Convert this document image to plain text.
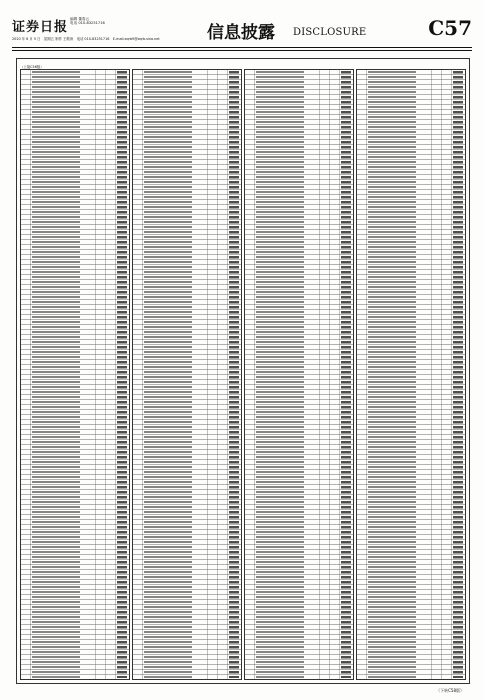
证券日报
编辑 董春云
电话 010-83251716
2020 年 6 月 5 日　星期五 制作 王敬涛　电话 010-83251716　E-mail:zqrb9@zqrb.sina.net	信息披露 DISCLOSURE	C57
（上接C56版）
（下转C58版）
